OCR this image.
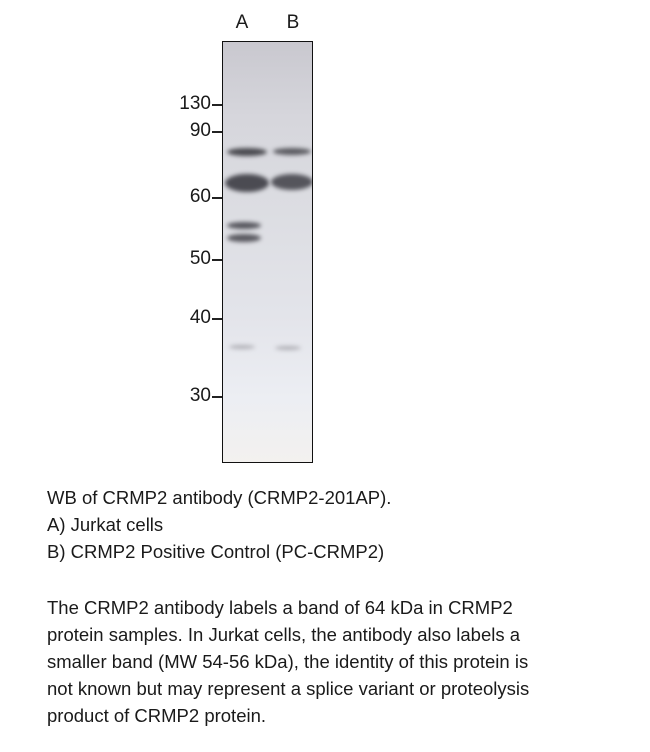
A B
130
90
60
50
40
30
WB of CRMP2 antibody (CRMP2-201AP).
A) Jurkat cells
B) CRMP2 Positive Control (PC-CRMP2)
The CRMP2 antibody labels a band of 64 kDa in CRMP2
protein samples. In Jurkat cells, the antibody also labels a
smaller band (MW 54-56 kDa), the identity of this protein is
not known but may represent a splice variant or proteolysis
product of CRMP2 protein.
